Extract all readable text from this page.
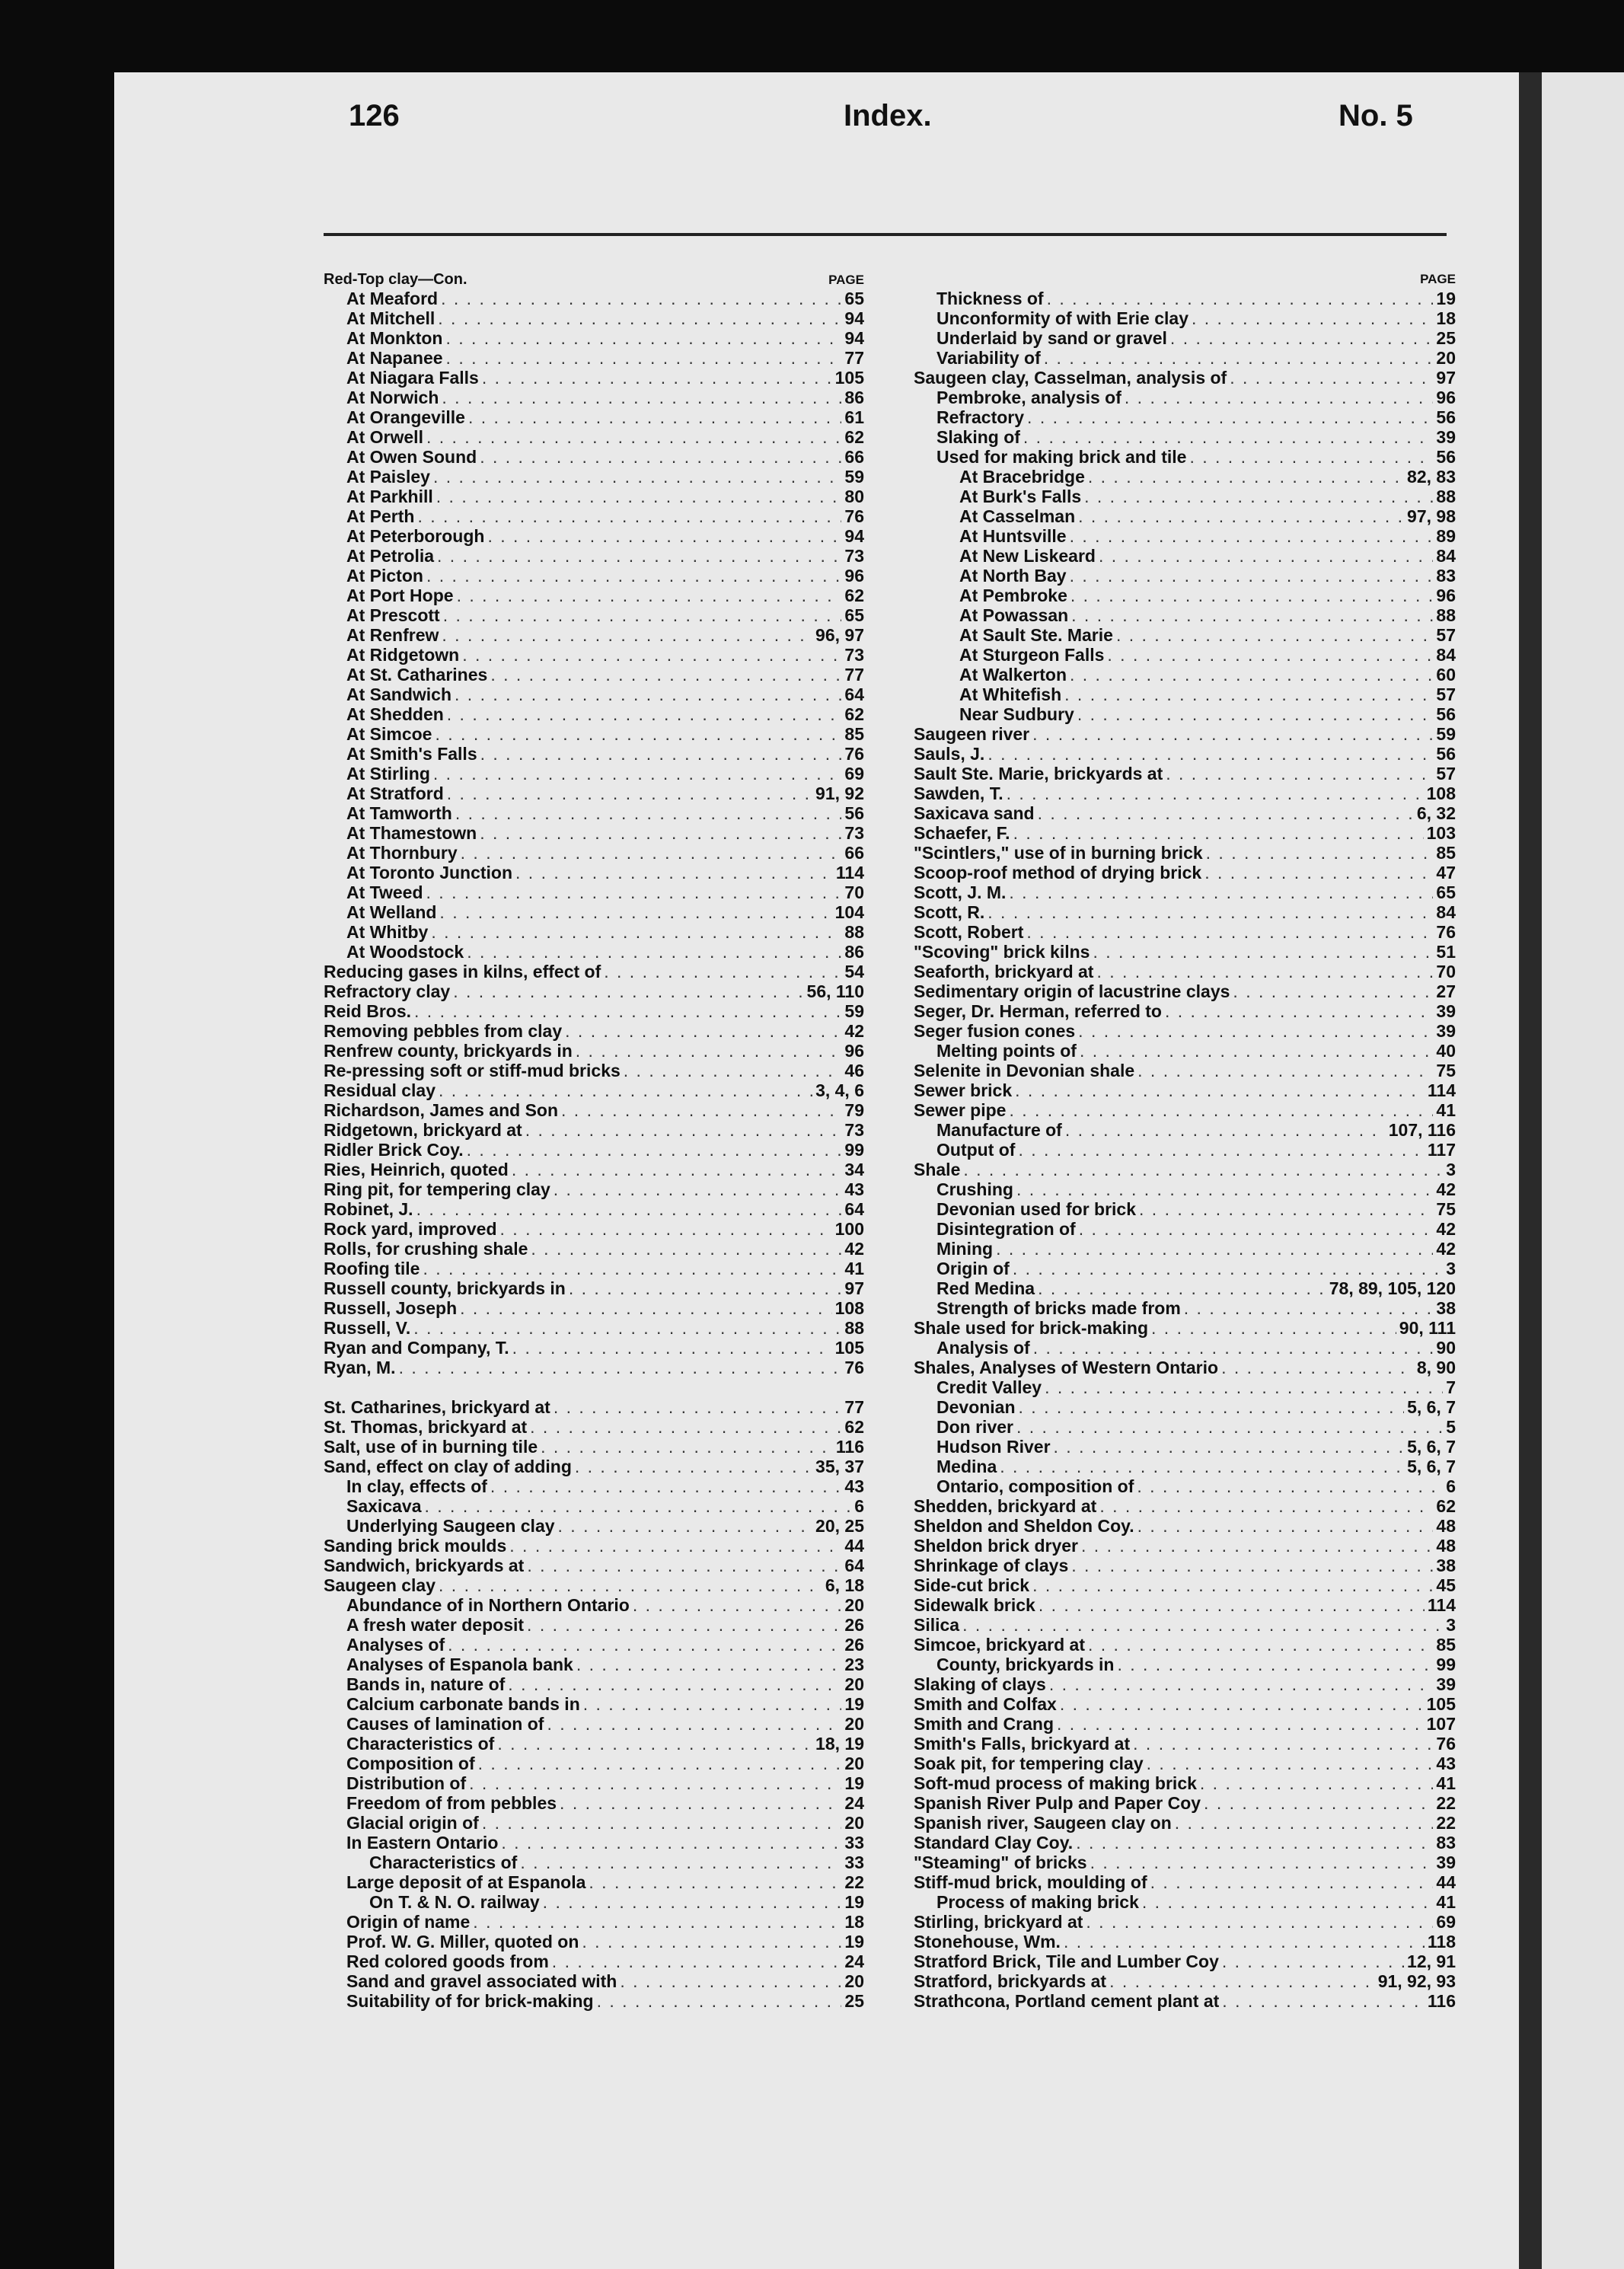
126	Index.	No. 5
Red-Top clay—Con.	PAGE
At Meaford . . .	65
At Mitchell . . .	94
At Monkton . . .	94
At Napanee . . .	77
At Niagara Falls . . .	105
At Norwich . . .	86
At Orangeville . . .	61
At Orwell . . .	62
At Owen Sound . . .	66
At Paisley . . .	59
At Parkhill . . .	80
At Perth . . .	76
At Peterborough . . .	94
At Petrolia . . .	73
At Picton . . .	96
At Port Hope . . .	62
At Prescott . . .	65
At Renfrew . . .	96, 97
At Ridgetown . . .	73
At St. Catharines . . .	77
At Sandwich . . .	64
At Shedden . . .	62
At Simcoe . . .	85
At Smith's Falls . . .	76
At Stirling . . .	69
At Stratford . . .	91, 92
At Tamworth . . .	56
At Thamestown . . .	73
At Thornbury . . .	66
At Toronto Junction . . .	114
At Tweed . . .	70
At Welland . . .	104
At Whitby . . .	88
At Woodstock . . .	86
Reducing gases in kilns, effect of . . .	54
Refractory clay . . .	56, 110
Reid Bros. . . .	59
Removing pebbles from clay . . .	42
Renfrew county, brickyards in . . .	96
Re-pressing soft or stiff-mud bricks . . .	46
Residual clay . . .	3, 4, 6
Richardson, James and Son . . .	79
Ridgetown, brickyard at . . .	73
Ridler Brick Coy. . . .	99
Ries, Heinrich, quoted . . .	34
Ring pit, for tempering clay . . .	43
Robinet, J. . . .	64
Rock yard, improved . . .	100
Rolls, for crushing shale . . .	42
Roofing tile . . .	41
Russell county, brickyards in . . .	97
Russell, Joseph . . .	108
Russell, V. . . .	88
Ryan and Company, T. . . .	105
Ryan, M. . . .	76
St. Catharines, brickyard at . . .	77
St. Thomas, brickyard at . . .	62
Salt, use of in burning tile . . .	116
Sand, effect on clay of adding . . .	35, 37
In clay, effects of . . .	43
Saxicava . . .	6
Underlying Saugeen clay . . .	20, 25
Sanding brick moulds . . .	44
Sandwich, brickyards at . . .	64
Saugeen clay . . .	6, 18
Abundance of in Northern Ontario . . .	20
A fresh water deposit . . .	26
Analyses of . . .	26
Analyses of Espanola bank . . .	23
Bands in, nature of . . .	20
Calcium carbonate bands in . . .	19
Causes of lamination of . . .	20
Characteristics of . . .	18, 19
Composition of . . .	20
Distribution of . . .	19
Freedom of from pebbles . . .	24
Glacial origin of . . .	20
In Eastern Ontario . . .	33
Characteristics of . . .	33
Large deposit of at Espanola . . .	22
On T. & N. O. railway . . .	19
Origin of name . . .	18
Prof. W. G. Miller, quoted on . . .	19
Red colored goods from . . .	24
Sand and gravel associated with . . .	20
Suitability of for brick-making . . .	25
PAGE
Thickness of . . .	19
Unconformity of with Erie clay . . .	18
Underlaid by sand or gravel . . .	25
Variability of . . .	20
Saugeen clay, Casselman, analysis of . . .	97
Pembroke, analysis of . . .	96
Refractory . . .	56
Slaking of . . .	39
Used for making brick and tile . . .	56
At Bracebridge . . .	82, 83
At Burk's Falls . . .	88
At Casselman . . .	97, 98
At Huntsville . . .	89
At New Liskeard . . .	84
At North Bay . . .	83
At Pembroke . . .	96
At Powassan . . .	88
At Sault Ste. Marie . . .	57
At Sturgeon Falls . . .	84
At Walkerton . . .	60
At Whitefish . . .	57
Near Sudbury . . .	56
Saugeen river . . .	59
Sauls, J. . . .	56
Sault Ste. Marie, brickyards at . . .	57
Sawden, T. . . .	108
Saxicava sand . . .	6, 32
Schaefer, F. . . .	103
"Scintlers," use of in burning brick . . .	85
Scoop-roof method of drying brick . . .	47
Scott, J. M. . . .	65
Scott, R. . . .	84
Scott, Robert . . .	76
"Scoving" brick kilns . . .	51
Seaforth, brickyard at . . .	70
Sedimentary origin of lacustrine clays . . .	27
Seger, Dr. Herman, referred to . . .	39
Seger fusion cones . . .	39
Melting points of . . .	40
Selenite in Devonian shale . . .	75
Sewer brick . . .	114
Sewer pipe . . .	41
Manufacture of . . .	107, 116
Output of . . .	117
Shale . . .	3
Crushing . . .	42
Devonian used for brick . . .	75
Disintegration of . . .	42
Mining . . .	42
Origin of . . .	3
Red Medina . . .	78, 89, 105, 120
Strength of bricks made from . . .	38
Shale used for brick-making . . .	90, 111
Analysis of . . .	90
Shales, Analyses of Western Ontario . . .	8, 90
Credit Valley . . .	7
Devonian . . .	5, 6, 7
Don river . . .	5
Hudson River . . .	5, 6, 7
Medina . . .	5, 6, 7
Ontario, composition of . . .	6
Shedden, brickyard at . . .	62
Sheldon and Sheldon Coy. . . .	48
Sheldon brick dryer . . .	48
Shrinkage of clays . . .	38
Side-cut brick . . .	45
Sidewalk brick . . .	114
Silica . . .	3
Simcoe, brickyard at . . .	85
County, brickyards in . . .	99
Slaking of clays . . .	39
Smith and Colfax . . .	105
Smith and Crang . . .	107
Smith's Falls, brickyard at . . .	76
Soak pit, for tempering clay . . .	43
Soft-mud process of making brick . . .	41
Spanish River Pulp and Paper Coy . . .	22
Spanish river, Saugeen clay on . . .	22
Standard Clay Coy. . . .	83
"Steaming" of bricks . . .	39
Stiff-mud brick, moulding of . . .	44
Process of making brick . . .	41
Stirling, brickyard at . . .	69
Stonehouse, Wm. . . .	118
Stratford Brick, Tile and Lumber Coy . . .	12, 91
Stratford, brickyards at . . .	91, 92, 93
Strathcona, Portland cement plant at . . .	116
